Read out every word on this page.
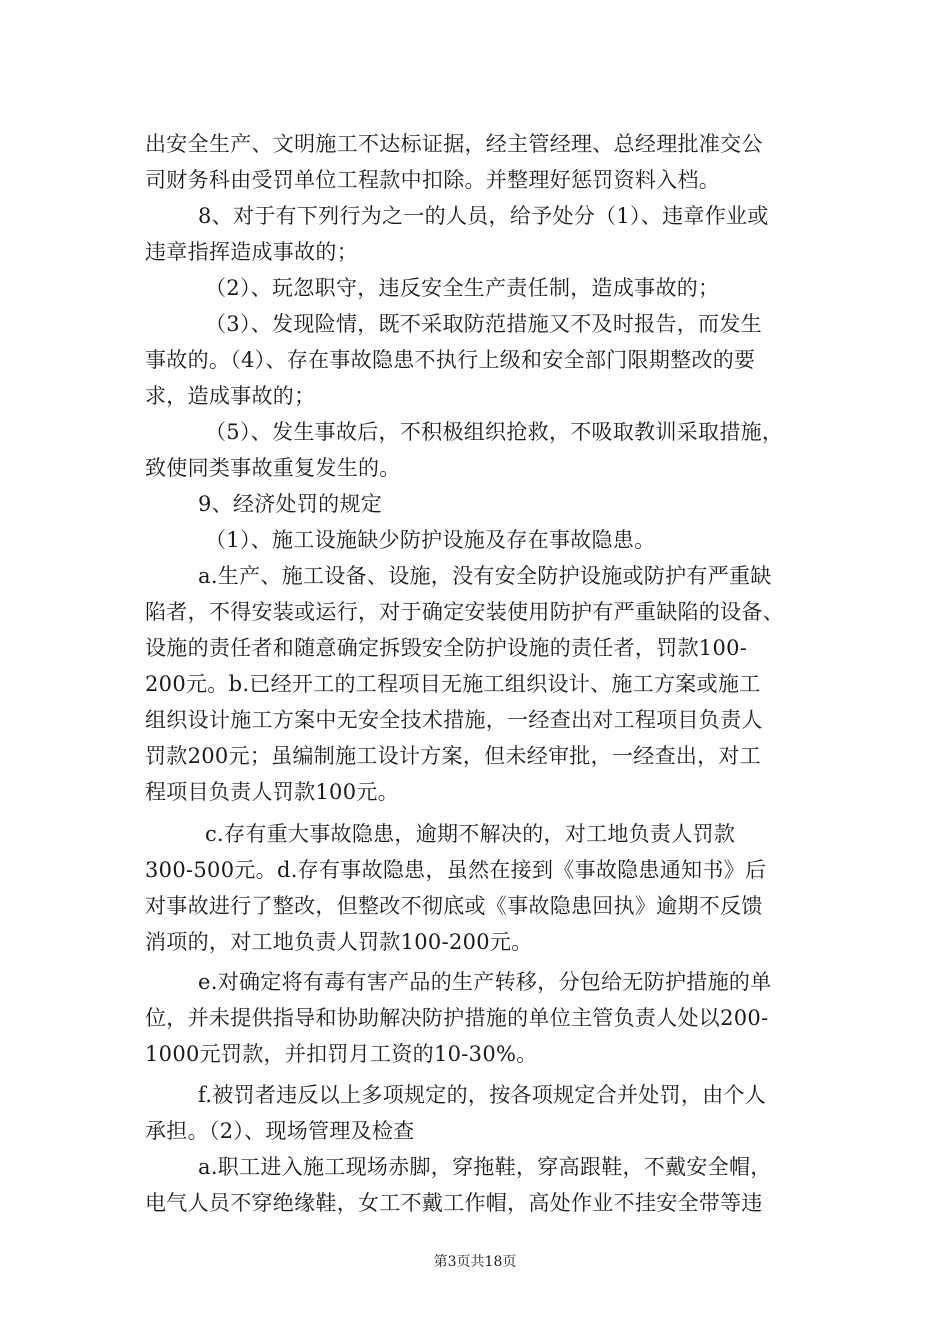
出安全生产、文明施工不达标证据，经主管经理、总经理批准交公
司财务科由受罚单位工程款中扣除。并整理好惩罚资料入档。
8、对于有下列行为之一的人员，给予处分（1）、违章作业或
违章指挥造成事故的；
（2）、玩忽职守，违反安全生产责任制，造成事故的；
（3）、发现险情，既不采取防范措施又不及时报告，而发生
事故的。（4）、存在事故隐患不执行上级和安全部门限期整改的要
求，造成事故的；
（5）、发生事故后，不积极组织抢救，不吸取教训采取措施，
致使同类事故重复发生的。
9、经济处罚的规定
（1）、施工设施缺少防护设施及存在事故隐患。
a.生产、施工设备、设施，没有安全防护设施或防护有严重缺
陷者，不得安装或运行，对于确定安装使用防护有严重缺陷的设备、
设施的责任者和随意确定拆毁安全防护设施的责任者，罚款100-
200元。b.已经开工的工程项目无施工组织设计、施工方案或施工
组织设计施工方案中无安全技术措施，一经查出对工程项目负责人
罚款200元；虽编制施工设计方案，但未经审批，一经查出，对工
程项目负责人罚款100元。
c.存有重大事故隐患，逾期不解决的，对工地负责人罚款
300-500元。d.存有事故隐患，虽然在接到《事故隐患通知书》后
对事故进行了整改，但整改不彻底或《事故隐患回执》逾期不反馈
消项的，对工地负责人罚款100-200元。
e.对确定将有毒有害产品的生产转移，分包给无防护措施的单
位，并未提供指导和协助解决防护措施的单位主管负责人处以200-
1000元罚款，并扣罚月工资的10-30%。
f.被罚者违反以上多项规定的，按各项规定合并处罚，由个人
承担。（2）、现场管理及检查
a.职工进入施工现场赤脚，穿拖鞋，穿高跟鞋，不戴安全帽，
电气人员不穿绝缘鞋，女工不戴工作帽，高处作业不挂安全带等违
第3页共18页
